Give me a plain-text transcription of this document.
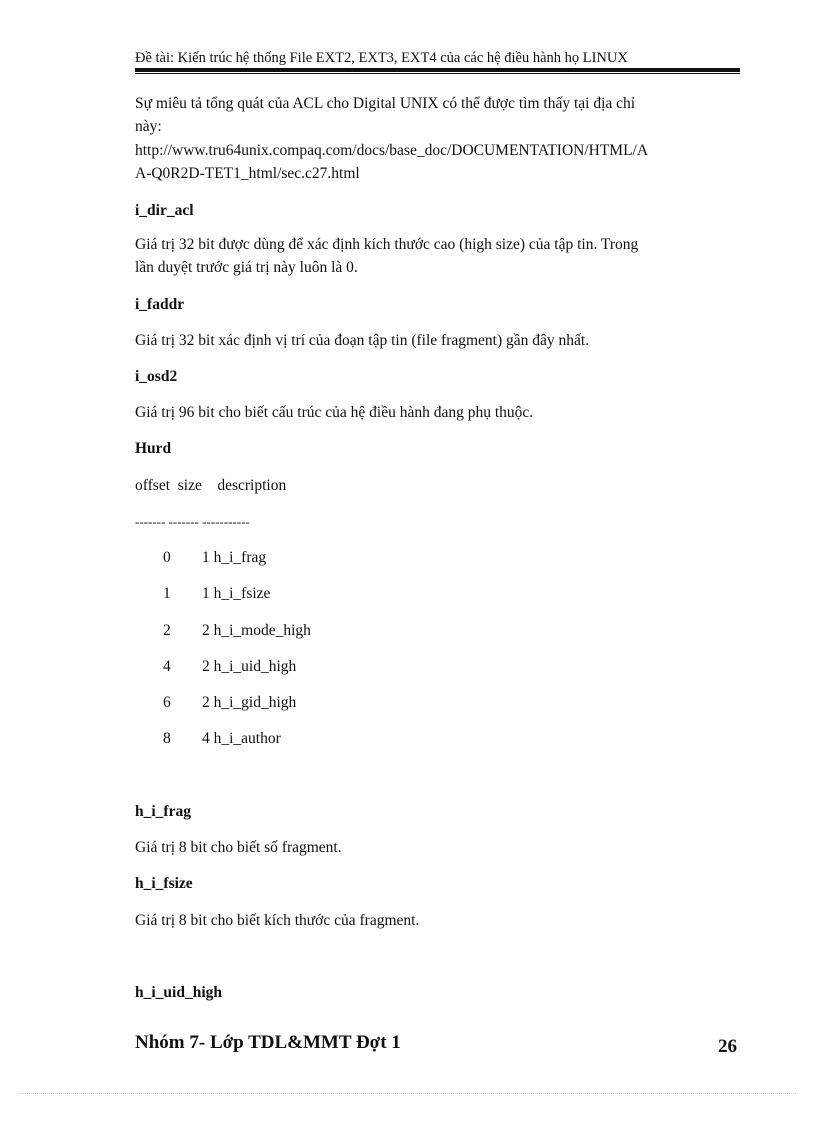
Đề tài: Kiến trúc hệ thống File EXT2, EXT3, EXT4 của các hệ điều hành họ LINUX
Sự miêu tả tổng quát của ACL cho Digital UNIX có thể được tìm thấy tại địa chỉ
này:
http://www.tru64unix.compaq.com/docs/base_doc/DOCUMENTATION/HTML/A
A-Q0R2D-TET1_html/sec.c27.html
i_dir_acl
Giá trị 32 bit được dùng để xác định kích thước cao (high size) của tập tin. Trong
lần duyệt trước giá trị này luôn là 0.
i_faddr
Giá trị 32 bit xác định vị trí của đoạn tập tin (file fragment) gần đây nhất.
i_osd2
Giá trị 96 bit cho biết cấu trúc của hệ điều hành đang phụ thuộc.
Hurd
offset  size    description
------- ------- -----------
0 1 h_i_frag
1 1 h_i_fsize
2 2 h_i_mode_high
4 2 h_i_uid_high
6 2 h_i_gid_high
8 4 h_i_author
h_i_frag
Giá trị 8 bit cho biết số fragment.
h_i_fsize
Giá trị 8 bit cho biết kích thước của fragment.
h_i_uid_high
Nhóm 7- Lớp TDL&MMT Đợt 1	26
